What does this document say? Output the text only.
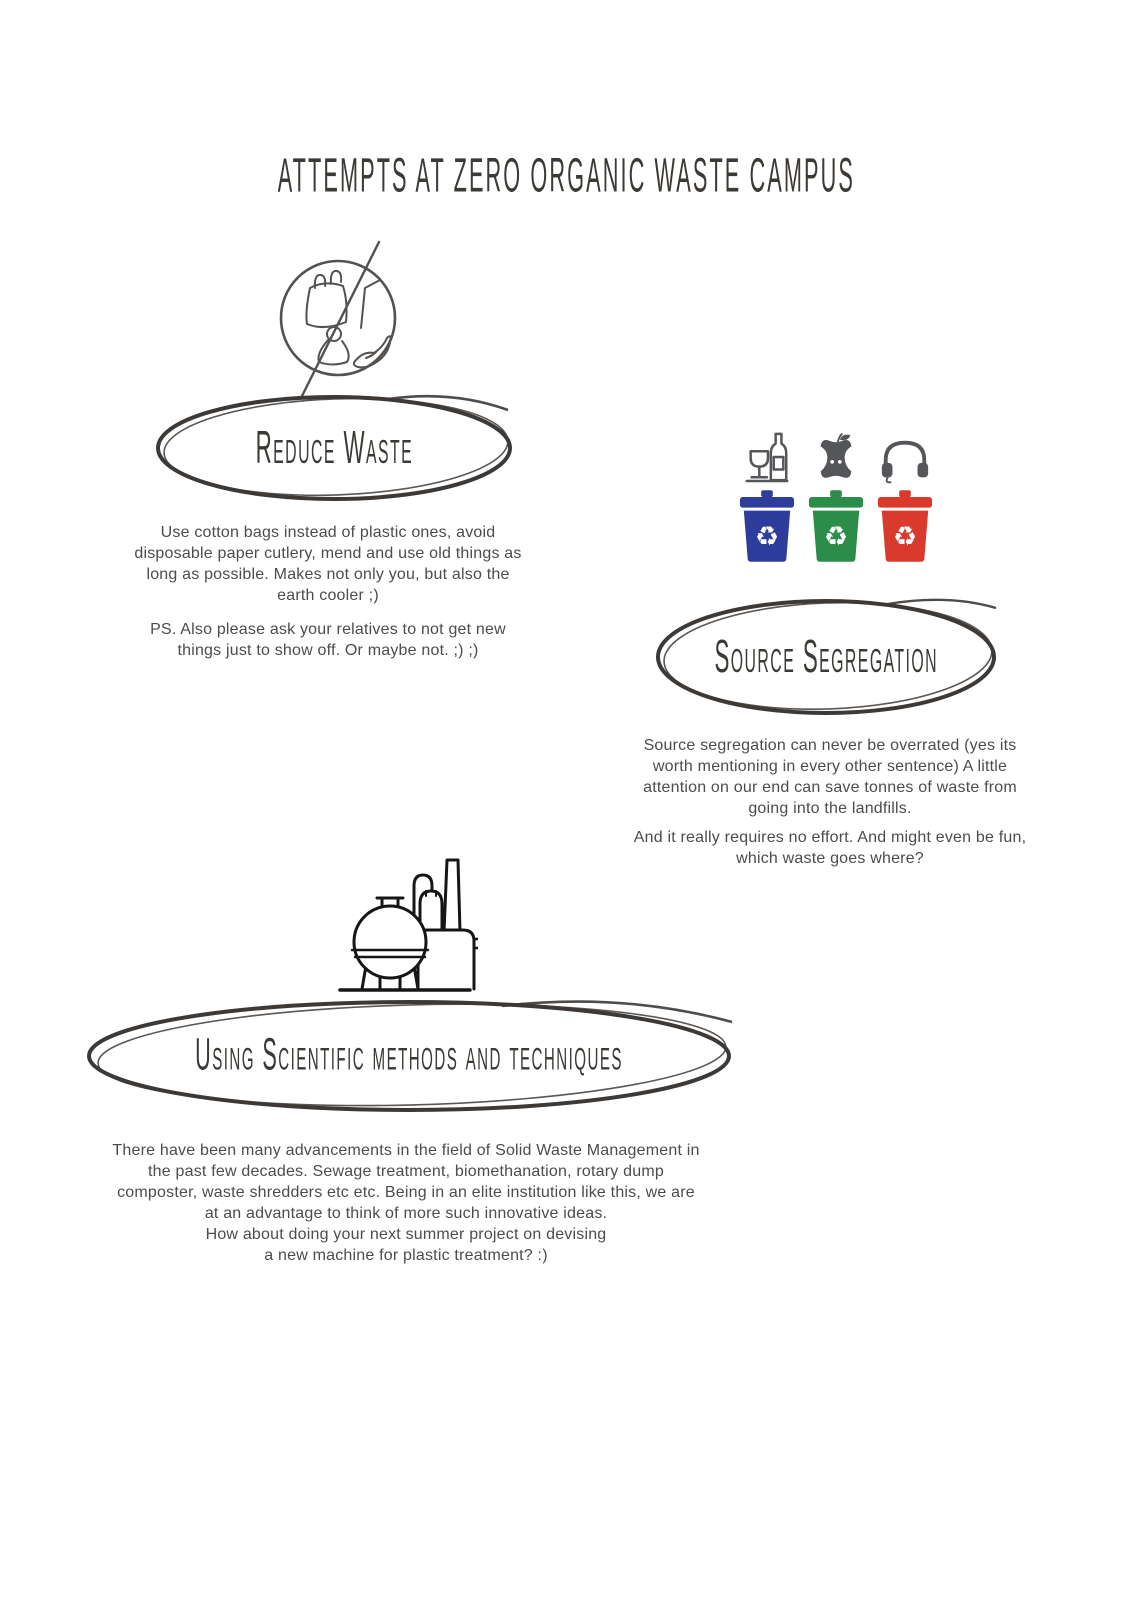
ATTEMPTS AT ZERO ORGANIC WASTE CAMPUS
Reduce Waste
Use cotton bags instead of plastic ones, avoid disposable paper cutlery, mend and use old things as long as possible. Makes not only you, but also the earth cooler ;)
PS. Also please ask your relatives to not get new things just to show off. Or maybe not. ;) ;)
♻ ♻ ♻
Source Segregation
Source segregation can never be overrated (yes its worth mentioning in every other sentence) A little attention on our end can save tonnes of waste from going into the landfills.
And it really requires no effort. And might even be fun, which waste goes where?
Using Scientific methods and techniques
There have been many advancements in the field of Solid Waste Management in the past few decades. Sewage treatment, biomethanation, rotary dump composter, waste shredders etc etc. Being in an elite institution like this, we are at an advantage to think of more such innovative ideas.
How about doing your next summer project on devising
a new machine for plastic treatment? :)
